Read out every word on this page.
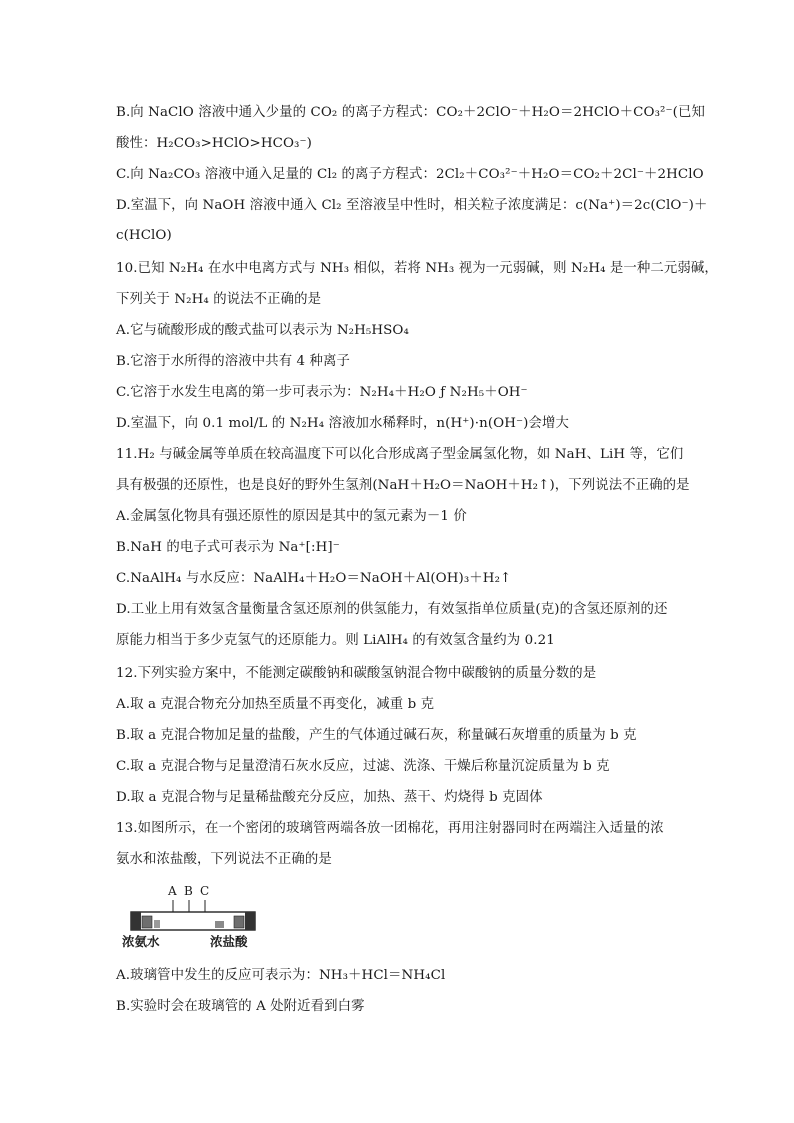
B.向 NaClO 溶液中通入少量的 CO₂ 的离子方程式：CO₂＋2ClO⁻＋H₂O＝2HClO＋CO₃²⁻(已知
酸性：H₂CO₃>HClO>HCO₃⁻)
C.向 Na₂CO₃ 溶液中通入足量的 Cl₂ 的离子方程式：2Cl₂＋CO₃²⁻＋H₂O＝CO₂＋2Cl⁻＋2HClO
D.室温下，向 NaOH 溶液中通入 Cl₂ 至溶液呈中性时，相关粒子浓度满足：c(Na⁺)＝2c(ClO⁻)＋
c(HClO)
10.已知 N₂H₄ 在水中电离方式与 NH₃ 相似，若将 NH₃ 视为一元弱碱，则 N₂H₄ 是一种二元弱碱，
下列关于 N₂H₄ 的说法不正确的是
A.它与硫酸形成的酸式盐可以表示为 N₂H₅HSO₄
B.它溶于水所得的溶液中共有 4 种离子
C.它溶于水发生电离的第一步可表示为：N₂H₄＋H₂O ƒ N₂H₅＋OH⁻
D.室温下，向 0.1 mol/L 的 N₂H₄ 溶液加水稀释时，n(H⁺)·n(OH⁻)会增大
11.H₂ 与碱金属等单质在较高温度下可以化合形成离子型金属氢化物，如 NaH、LiH 等，它们
具有极强的还原性，也是良好的野外生氢剂(NaH＋H₂O＝NaOH＋H₂↑)，下列说法不正确的是
A.金属氢化物具有强还原性的原因是其中的氢元素为－1 价
B.NaH 的电子式可表示为 Na⁺[:H]⁻
C.NaAlH₄ 与水反应：NaAlH₄＋H₂O＝NaOH＋Al(OH)₃＋H₂↑
D.工业上用有效氢含量衡量含氢还原剂的供氢能力，有效氢指单位质量(克)的含氢还原剂的还
原能力相当于多少克氢气的还原能力。则 LiAlH₄ 的有效氢含量约为 0.21
12.下列实验方案中，不能测定碳酸钠和碳酸氢钠混合物中碳酸钠的质量分数的是
A.取 a 克混合物充分加热至质量不再变化，减重 b 克
B.取 a 克混合物加足量的盐酸，产生的气体通过碱石灰，称量碱石灰增重的质量为 b 克
C.取 a 克混合物与足量澄清石灰水反应，过滤、洗涤、干燥后称量沉淀质量为 b 克
D.取 a 克混合物与足量稀盐酸充分反应，加热、蒸干、灼烧得 b 克固体
13.如图所示，在一个密闭的玻璃管两端各放一团棉花，再用注射器同时在两端注入适量的浓
氨水和浓盐酸，下列说法不正确的是
A B C
浓氨水	浓盐酸
A.玻璃管中发生的反应可表示为：NH₃＋HCl＝NH₄Cl
B.实验时会在玻璃管的 A 处附近看到白雾
